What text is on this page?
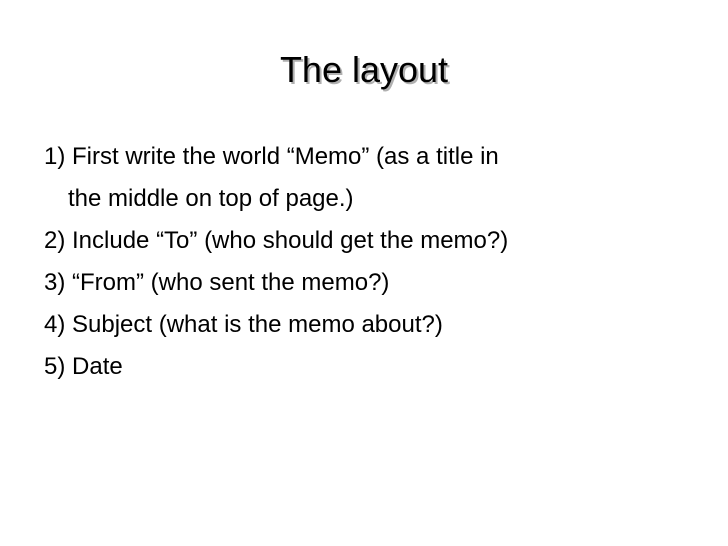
The layout
1) First write the world “Memo” (as a title in
the middle on top of page.)
2) Include “To” (who should get the memo?)
3) “From” (who sent the memo?)
4) Subject (what is the memo about?)
5) Date
